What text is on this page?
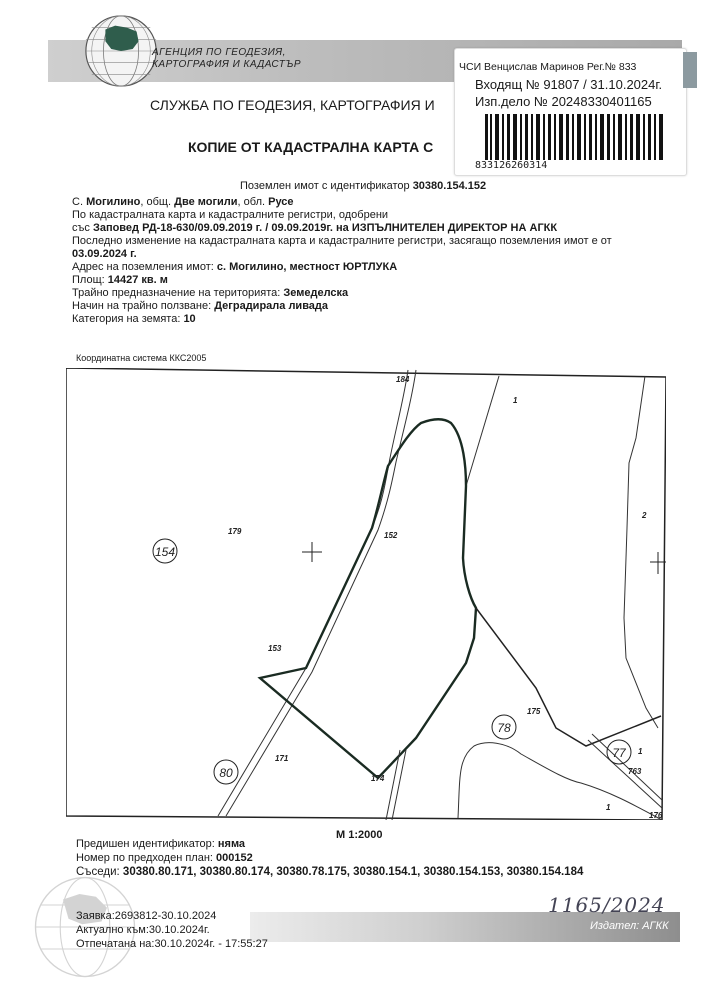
АГЕНЦИЯ ПО ГЕОДЕЗИЯ,
КАРТОГРАФИЯ И КАДАСТЪР
СЛУЖБА ПО ГЕОДЕЗИЯ, КАРТОГРАФИЯ И
КОПИЕ ОТ КАДАСТРАЛНА КАРТА С
ЧСИ Венцислав Маринов Рег.№ 833
Входящ № 91807 / 31.10.2024г.
Изп.дело № 20248330401165
833126260314
Поземлен имот с идентификатор 30380.154.152
С. Могилино, общ. Две могили, обл. Русе
По кадастралната карта и кадастралните регистри, одобрени
със Заповед РД-18-630/09.09.2019 г. / 09.09.2019г. на ИЗПЪЛНИТЕЛЕН ДИРЕКТОР НА АГКК
Последно изменение на кадастралната карта и кадастралните регистри, засягащо поземления имот е от
03.09.2024 г.
Адрес на поземления имот: с. Могилино, местност ЮРТЛУКА
Площ: 14427 кв. м
Трайно предназначение на територията: Земеделска
Начин на трайно ползване: Деградирала ливада
Категория на земята: 10
Координатна система ККС2005
154
80
78
77
184
1
2
179	152
153
175
171
174
1
1
763
176
М 1:2000
Предишен идентификатор: няма
Номер по предходен план: 000152
Съседи: 30380.80.171, 30380.80.174, 30380.78.175, 30380.154.1, 30380.154.153, 30380.154.184
Издател: АГКК
1165/2024
Заявка:2693812-30.10.2024
Актуално към:30.10.2024г.
Отпечатана на:30.10.2024г. - 17:55:27
